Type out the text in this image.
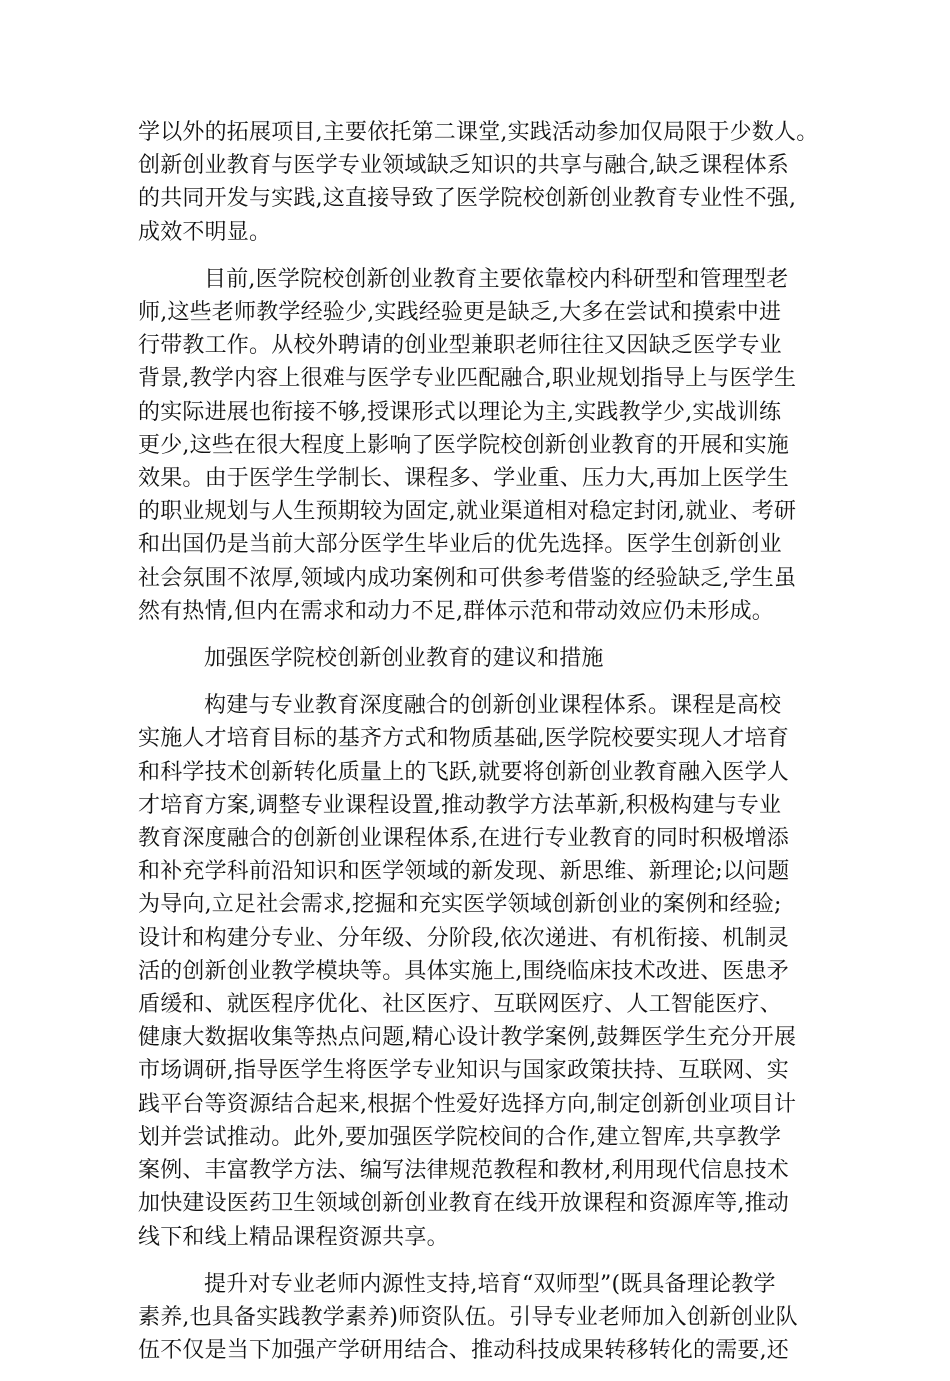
学以外的拓展项目,主要依托第二课堂,实践活动参加仅局限于少数人。
创新创业教育与医学专业领域缺乏知识的共享与融合,缺乏课程体系
的共同开发与实践,这直接导致了医学院校创新创业教育专业性不强,
成效不明显。
目前,医学院校创新创业教育主要依靠校内科研型和管理型老
师,这些老师教学经验少,实践经验更是缺乏,大多在尝试和摸索中进
行带教工作。从校外聘请的创业型兼职老师往往又因缺乏医学专业
背景,教学内容上很难与医学专业匹配融合,职业规划指导上与医学生
的实际进展也衔接不够,授课形式以理论为主,实践教学少,实战训练
更少,这些在很大程度上影响了医学院校创新创业教育的开展和实施
效果。由于医学生学制长、课程多、学业重、压力大,再加上医学生
的职业规划与人生预期较为固定,就业渠道相对稳定封闭,就业、考研
和出国仍是当前大部分医学生毕业后的优先选择。医学生创新创业
社会氛围不浓厚,领域内成功案例和可供参考借鉴的经验缺乏,学生虽
然有热情,但内在需求和动力不足,群体示范和带动效应仍未形成。
加强医学院校创新创业教育的建议和措施
构建与专业教育深度融合的创新创业课程体系。课程是高校
实施人才培育目标的基齐方式和物质基础,医学院校要实现人才培育
和科学技术创新转化质量上的飞跃,就要将创新创业教育融入医学人
才培育方案,调整专业课程设置,推动教学方法革新,积极构建与专业
教育深度融合的创新创业课程体系,在进行专业教育的同时积极增添
和补充学科前沿知识和医学领域的新发现、新思维、新理论;以问题
为导向,立足社会需求,挖掘和充实医学领域创新创业的案例和经验;
设计和构建分专业、分年级、分阶段,依次递进、有机衔接、机制灵
活的创新创业教学模块等。具体实施上,围绕临床技术改进、医患矛
盾缓和、就医程序优化、社区医疗、互联网医疗、人工智能医疗、
健康大数据收集等热点问题,精心设计教学案例,鼓舞医学生充分开展
市场调研,指导医学生将医学专业知识与国家政策扶持、互联网、实
践平台等资源结合起来,根据个性爱好选择方向,制定创新创业项目计
划并尝试推动。此外,要加强医学院校间的合作,建立智库,共享教学
案例、丰富教学方法、编写法律规范教程和教材,利用现代信息技术
加快建设医药卫生领域创新创业教育在线开放课程和资源库等,推动
线下和线上精品课程资源共享。
提升对专业老师内源性支持,培育“双师型”(既具备理论教学
素养,也具备实践教学素养)师资队伍。引导专业老师加入创新创业队
伍不仅是当下加强产学研用结合、推动科技成果转移转化的需要,还
